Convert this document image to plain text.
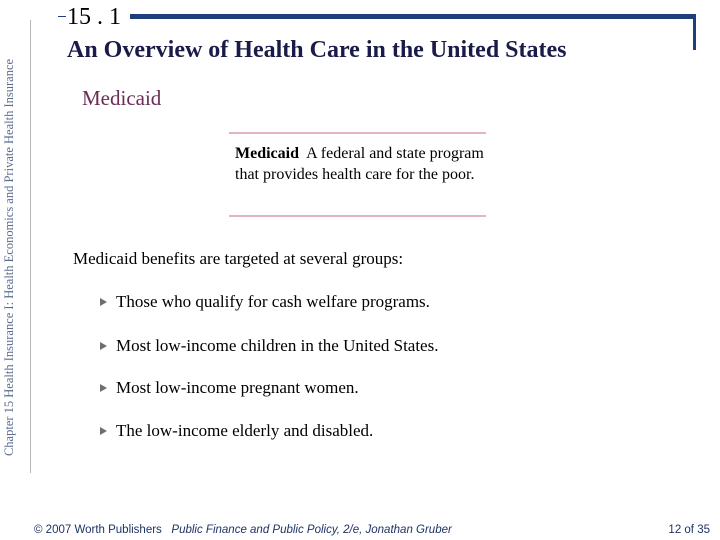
Chapter 15 Health Insurance I: Health Economics and Private Health Insurance
15 . 1
An Overview of Health Care in the United States
Medicaid
Medicaid A federal and state program that provides health care for the poor.
Medicaid benefits are targeted at several groups:
Those who qualify for cash welfare programs.
Most low-income children in the United States.
Most low-income pregnant women.
The low-income elderly and disabled.
© 2007 Worth Publishers Public Finance and Public Policy, 2/e, Jonathan Gruber	12 of 35
